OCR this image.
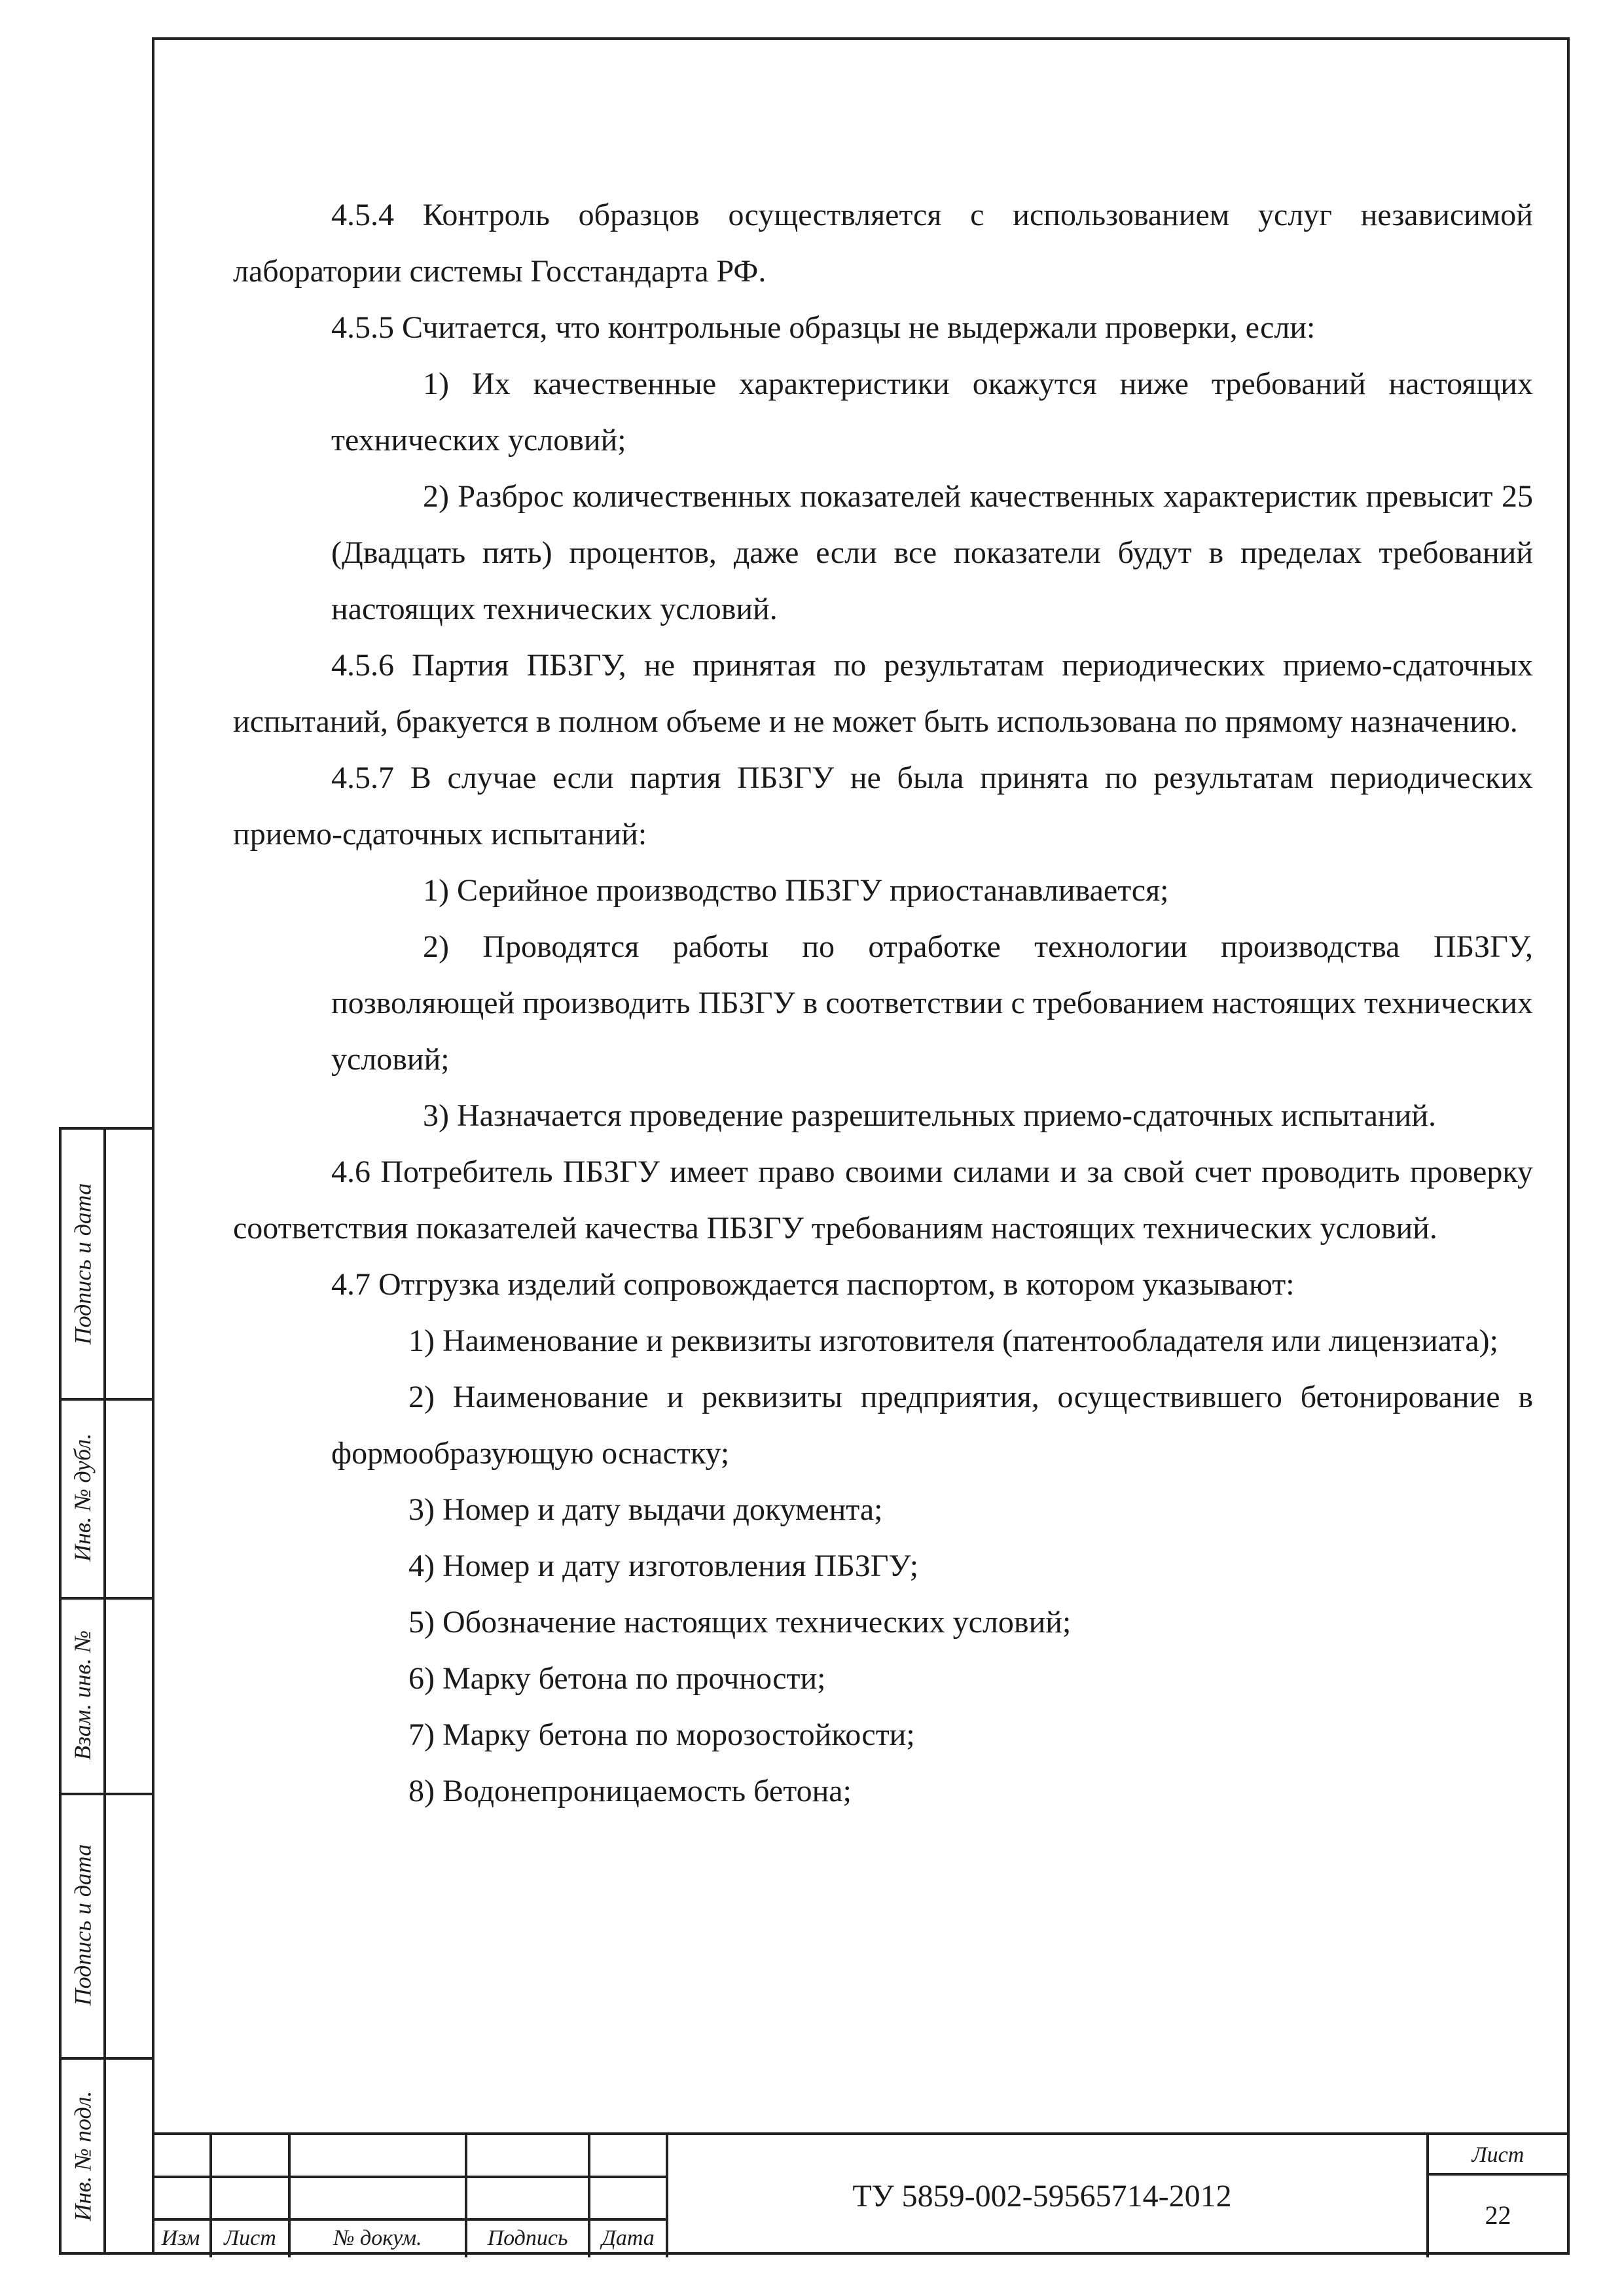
4.5.4 Контроль образцов осуществляется с использованием услуг независимой лаборатории системы Госстандарта РФ.

4.5.5 Считается, что контрольные образцы не выдержали проверки, если:

1) Их качественные характеристики окажутся ниже требований настоящих технических условий;

2) Разброс количественных показателей качественных характеристик превысит 25 (Двадцать пять) процентов, даже если все показатели будут в пределах требований настоящих технических условий.

4.5.6 Партия ПБЗГУ, не принятая по результатам периодических приемо-сдаточных испытаний, бракуется в полном объеме и не может быть использована по прямому назначению.

4.5.7 В случае если партия ПБЗГУ не была принята по результатам периодических приемо-сдаточных испытаний:

1) Серийное производство ПБЗГУ приостанавливается;

2) Проводятся работы по отработке технологии производства ПБЗГУ, позволяющей производить ПБЗГУ в соответствии с требованием настоящих технических условий;

3) Назначается проведение разрешительных приемо-сдаточных испытаний.

4.6 Потребитель ПБЗГУ имеет право своими силами и за свой счет проводить проверку соответствия показателей качества ПБЗГУ требованиям настоящих технических условий.

4.7 Отгрузка изделий сопровождается паспортом, в котором указывают:

1) Наименование и реквизиты изготовителя (патентообладателя или лицензиата);

2) Наименование и реквизиты предприятия, осуществившего бетонирование в формообразующую оснастку;

3) Номер и дату выдачи документа;

4) Номер и дату изготовления ПБЗГУ;

5) Обозначение настоящих технических условий;

6) Марку бетона по прочности;

7) Марку бетона по морозостойкости;

8) Водонепроницаемость бетона;

Подпись и дата
Инв. № дубл.
Взам. инв. №
Подпись и дата
Инв. № подл.
Изм	Лист	№ докум.	Подпись	Дата
ТУ 5859-002-59565714-2012
Лист
22
